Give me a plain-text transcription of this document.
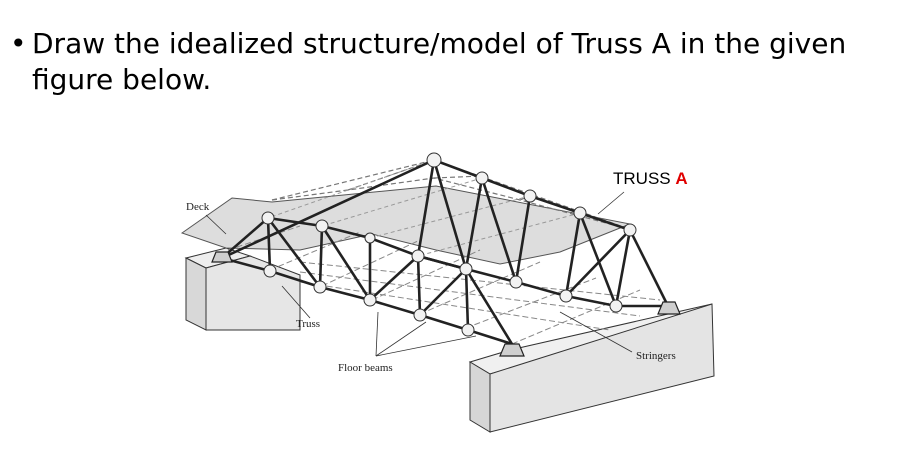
• Draw the idealized structure/model of Truss A in the given figure below.
Deck
Truss
Floor beams
Stringers
TRUSS A
